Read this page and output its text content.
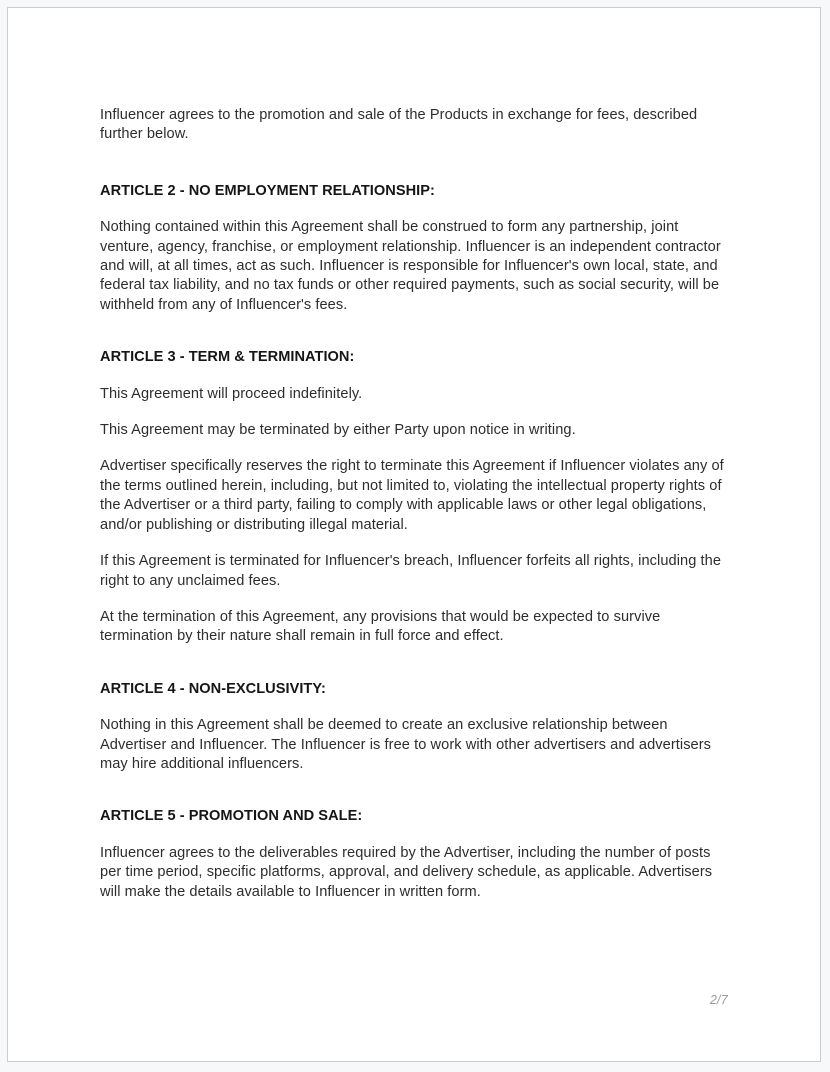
Influencer agrees to the promotion and sale of the Products in exchange for fees, described further below.

ARTICLE 2 - NO EMPLOYMENT RELATIONSHIP:

Nothing contained within this Agreement shall be construed to form any partnership, joint venture, agency, franchise, or employment relationship. Influencer is an independent contractor and will, at all times, act as such. Influencer is responsible for Influencer's own local, state, and federal tax liability, and no tax funds or other required payments, such as social security, will be withheld from any of Influencer's fees.

ARTICLE 3 - TERM & TERMINATION:

This Agreement will proceed indefinitely.

This Agreement may be terminated by either Party upon notice in writing.

Advertiser specifically reserves the right to terminate this Agreement if Influencer violates any of the terms outlined herein, including, but not limited to, violating the intellectual property rights of the Advertiser or a third party, failing to comply with applicable laws or other legal obligations, and/or publishing or distributing illegal material.

If this Agreement is terminated for Influencer's breach, Influencer forfeits all rights, including the right to any unclaimed fees.

At the termination of this Agreement, any provisions that would be expected to survive termination by their nature shall remain in full force and effect.

ARTICLE 4 - NON-EXCLUSIVITY:

Nothing in this Agreement shall be deemed to create an exclusive relationship between Advertiser and Influencer. The Influencer is free to work with other advertisers and advertisers may hire additional influencers.

ARTICLE 5 - PROMOTION AND SALE:

Influencer agrees to the deliverables required by the Advertiser, including the number of posts per time period, specific platforms, approval, and delivery schedule, as applicable. Advertisers will make the details available to Influencer in written form.

2/7
